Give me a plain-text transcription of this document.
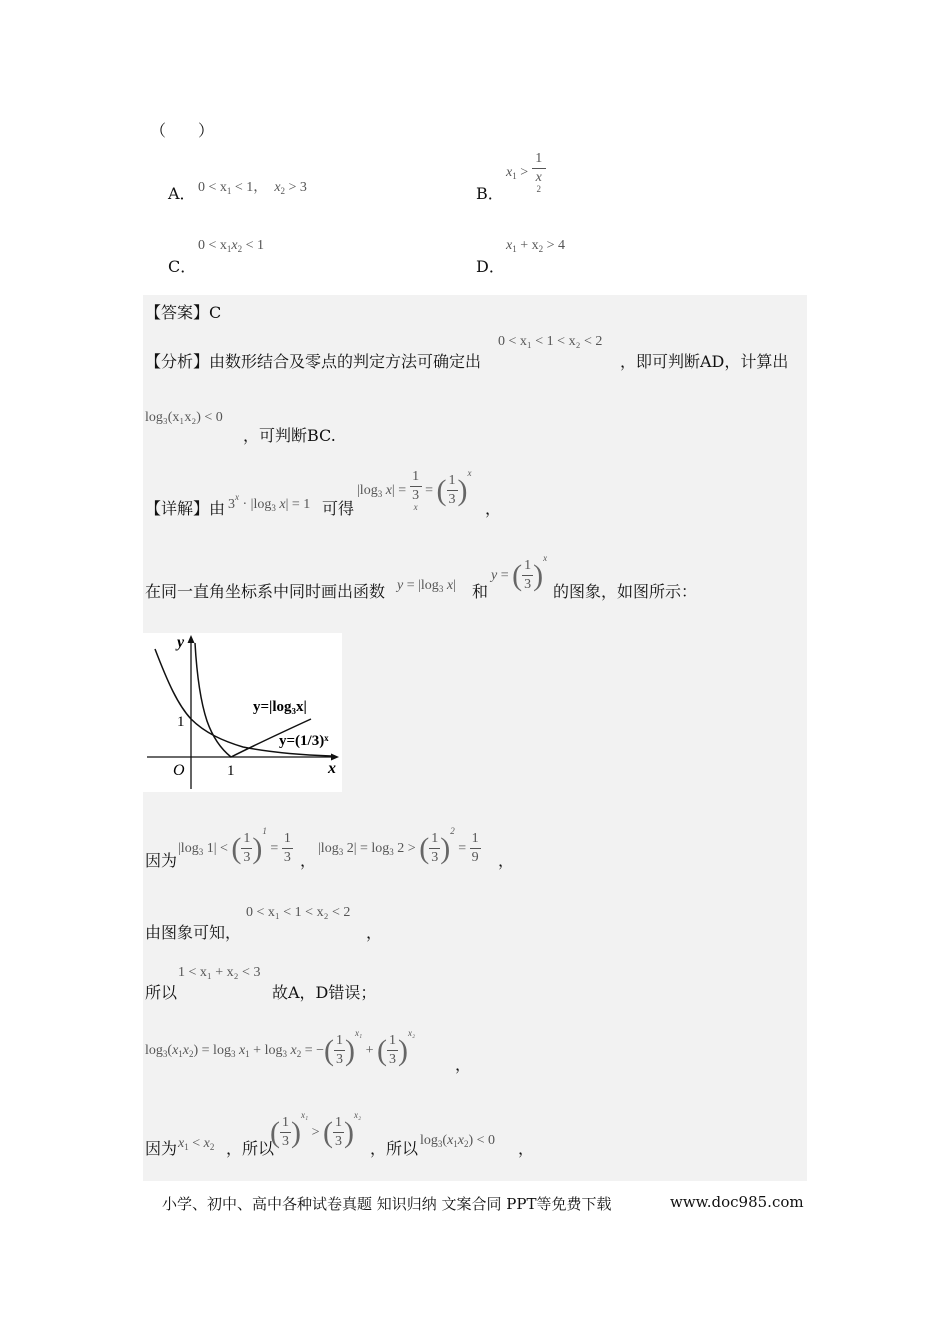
（　　）
A． $0 < x_1 < 1$， $x_2 > 3$	B．
$x_1 > 1$
x
2
C．
$0 < x_1x_2 < 1$
D．
$x_1 + x_2 > 4$
【答案】C
【分析】由数形结合及零点的判定方法可确定出
0 < x₁ < 1 < x₂ < 2
，即可判断AD，计算出
log₃(x₁x₂) < 0
，可判断BC.
【详解】由 $3^x \cdot |\log_3$ x| = 1 可得
$|\log_3$ x| = 1
3
x = ( $\frac{1}{3} )^x$
，
在同一直角坐标系中同时画出函数 $y = |\log_3$ x| 和
y = ( $\frac{1}{3} )^x$
的图象，如图所示：
y
x
O	1
1
y=|log₃x|
y=(1/3)ˣ
因为
$|\log_3$ 1| < ( $\frac{1}{3} )^1 = \frac{1}{3}$ ，
$|\log_3$ $2| = \log_3 2$ > ( $\frac{1}{3} )^2 = \frac{1}{9}$ ，
由图象可知，
0 < x₁ < 1 < x₂ < 2
，
所以
1 < x₁ + x₂ < 3
故A，D错误；
$\log_3(x_1x_2) = \log_3 x_1 + \log_3 x_2$ = −( $\frac{1}{3} )^{x_1}$ + ( $\frac{1}{3} )^{x_2}$
，
因为 $x_1 < x_2$ ，所以
( $\frac{1}{3} )^{x_1}$ > ( $\frac{1}{3} )^{x_2}$
，所以 $\log_3(x_1x_2) < 0$ ，
小学、初中、高中各种试卷真题 知识归纳 文案合同 PPT等免费下载	www.doc985.com
